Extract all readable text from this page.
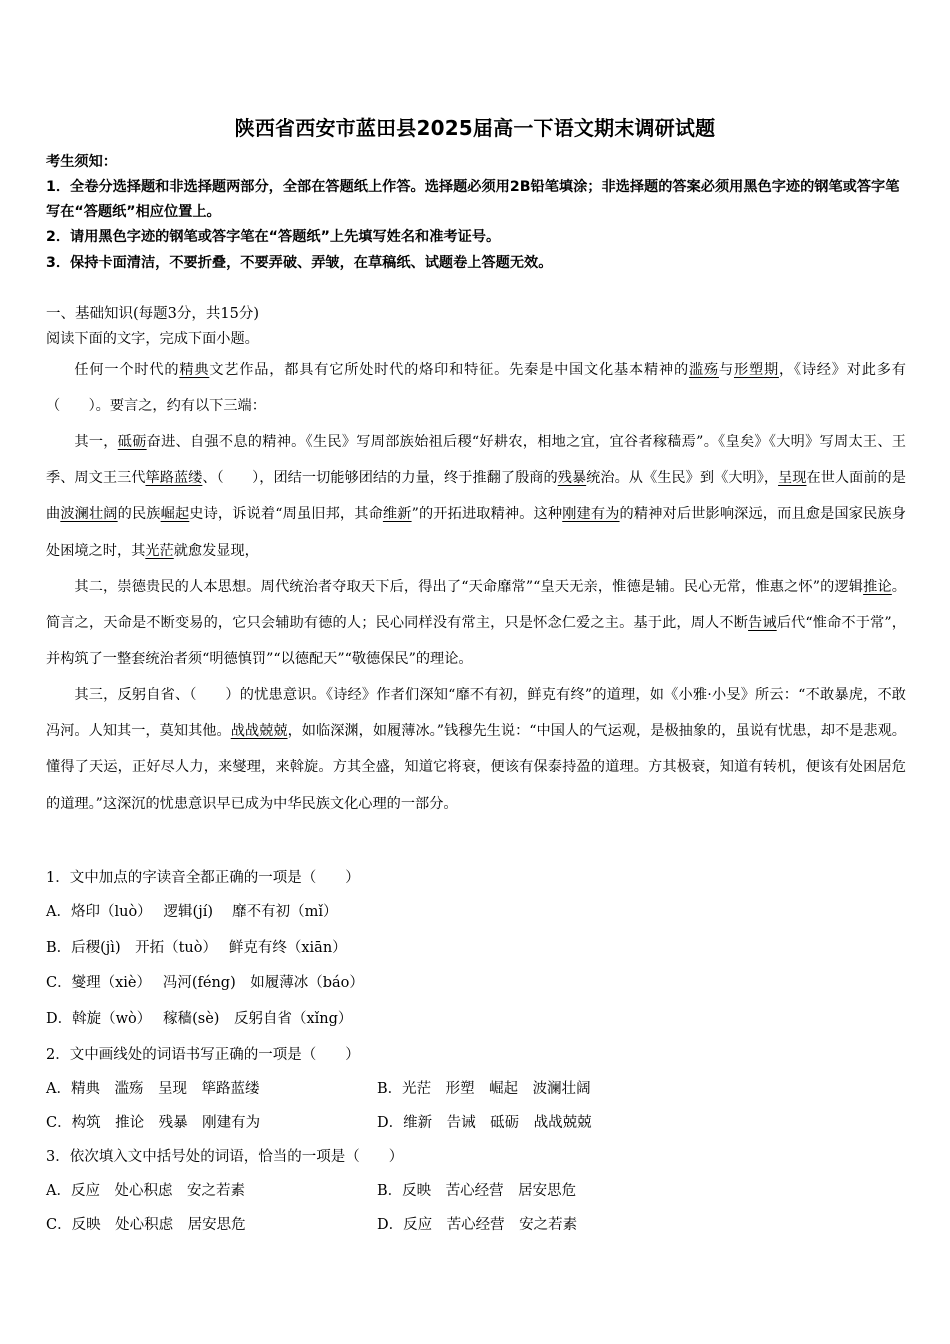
陕西省西安市蓝田县2025届高一下语文期末调研试题
考生须知：
1．全卷分选择题和非选择题两部分，全部在答题纸上作答。选择题必须用2B铅笔填涂；非选择题的答案必须用黑色字迹的钢笔或答字笔写在“答题纸”相应位置上。
2．请用黑色字迹的钢笔或答字笔在“答题纸”上先填写姓名和准考证号。
3．保持卡面清洁，不要折叠，不要弄破、弄皱，在草稿纸、试题卷上答题无效。
一、基础知识(每题3分，共15分)
阅读下面的文字，完成下面小题。
任何一个时代的精典文艺作品，都具有它所处时代的烙印和特征。先秦是中国文化基本精神的滥殇与形塑期，《诗经》对此多有（　　）。要言之，约有以下三端：
其一，砥砺奋进、自强不息的精神。《生民》写周部族始祖后稷“好耕农，相地之宜，宜谷者稼穑焉”。《皇矣》《大明》写周太王、王季、周文王三代筚路蓝缕、（　　），团结一切能够团结的力量，终于推翻了殷商的残暴统治。从《生民》到《大明》，呈现在世人面前的是曲波澜壮阔的民族崛起史诗，诉说着“周虽旧邦，其命维新”的开拓进取精神。这种刚建有为的精神对后世影响深远，而且愈是国家民族身处困境之时，其光茫就愈发显现，
其二，崇德贵民的人本思想。周代统治者夺取天下后，得出了“天命靡常”“皇天无亲，惟德是辅。民心无常，惟惠之怀”的逻辑推论。简言之，天命是不断变易的，它只会辅助有德的人；民心同样没有常主，只是怀念仁爱之主。基于此，周人不断告诫后代“惟命不于常”，并构筑了一整套统治者须“明德慎罚”“以德配天”“敬德保民”的理论。
其三，反躬自省、（　　）的忧患意识。《诗经》作者们深知“靡不有初，鲜克有终”的道理，如《小雅·小旻》所云：“不敢暴虎，不敢冯河。人知其一，莫知其他。战战兢兢，如临深渊，如履薄冰。”钱穆先生说：“中国人的气运观，是极抽象的，虽说有忧患，却不是悲观。懂得了天运，正好尽人力，来燮理，来斡旋。方其全盛，知道它将衰，便该有保泰持盈的道理。方其极衰，知道有转机，便该有处困居危的道理。”这深沉的忧患意识早已成为中华民族文化心理的一部分。
1．文中加点的字读音全都正确的一项是（　　）
A．烙印（luò）　 逻辑(jí)　 靡不有初（mǐ）
B．后稷(jì)　开拓（tuò）　 鲜克有终（xiān）
C．燮理（xiè）　 冯河(féng)　如履薄冰（báo）
D．斡旋（wò）　 稼穑(sè)　反躬自省（xǐng）
2．文中画线处的词语书写正确的一项是（　　）
A．精典　滥殇　呈现　筚路蓝缕	B．光茫　形塑　崛起　波澜壮阔
C．构筑　推论　残暴　刚建有为	D．维新　告诫　砥砺　战战兢兢
3．依次填入文中括号处的词语，恰当的一项是（　　）
A．反应　处心积虑　安之若素	B．反映　苦心经营　居安思危
C．反映　处心积虑　居安思危	D．反应　苦心经营　安之若素
